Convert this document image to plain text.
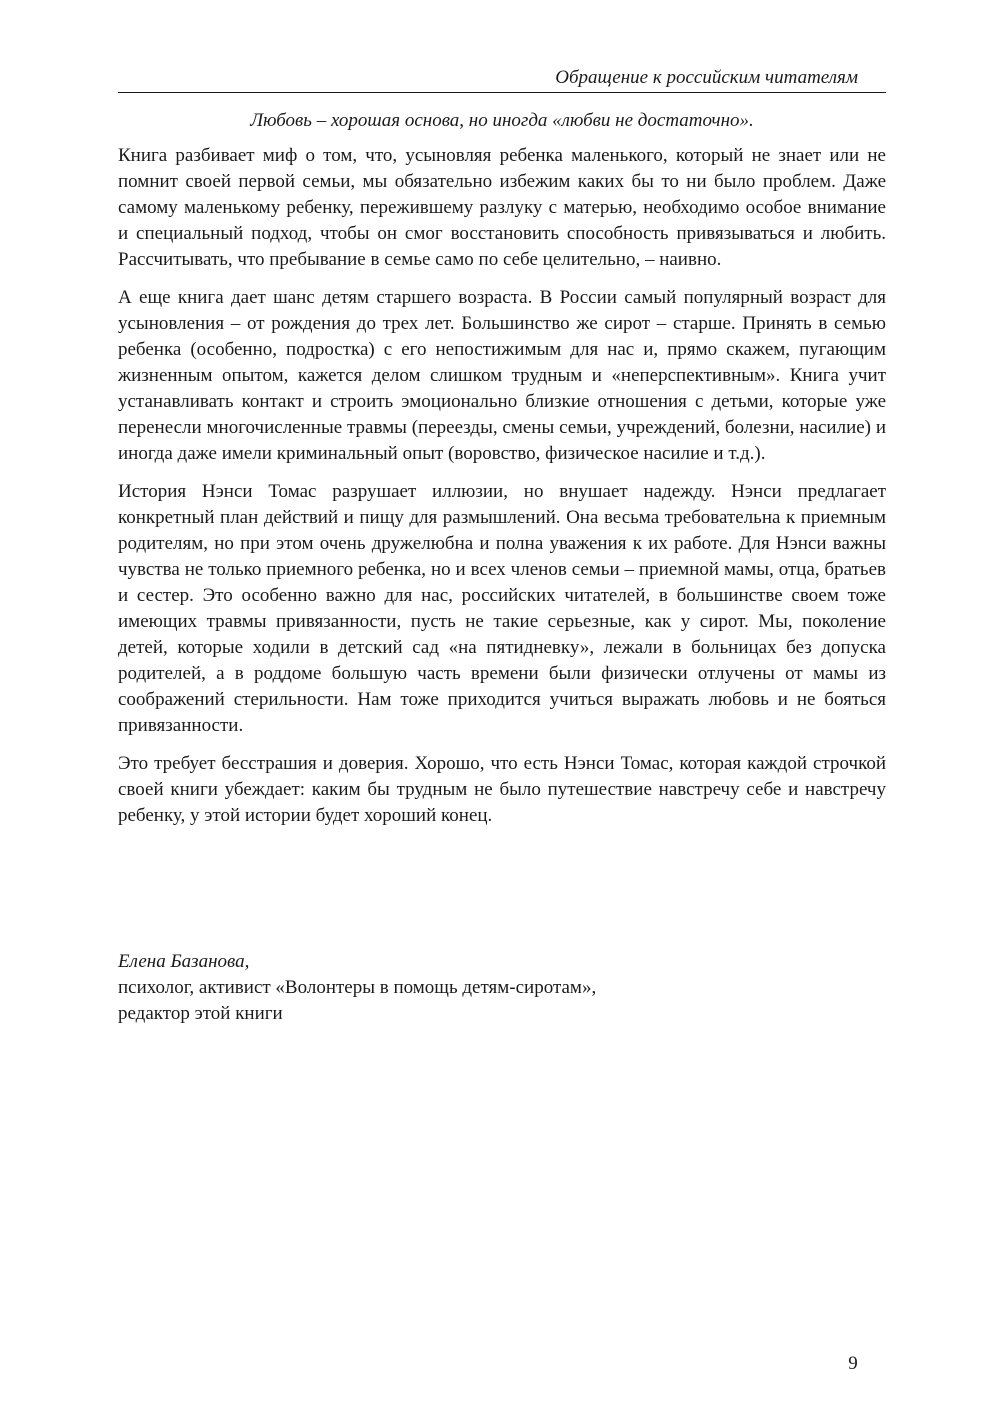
Обращение к российским читателям
Любовь – хорошая основа, но иногда «любви не достаточно».

Книга разбивает миф о том, что, усыновляя ребенка маленького, который не знает или не помнит своей первой семьи, мы обязательно избежим каких бы то ни было проблем. Даже самому маленькому ребенку, пережившему разлуку с матерью, необходимо особое внимание и специальный подход, чтобы он смог восстановить способность привязываться и любить. Рассчитывать, что пребывание в семье само по себе целительно, – наивно.

А еще книга дает шанс детям старшего возраста. В России самый популярный возраст для усыновления – от рождения до трех лет. Большинство же сирот – старше. Принять в семью ребенка (особенно, подростка) с его непостижимым для нас и, прямо скажем, пугающим жизненным опытом, кажется делом слишком трудным и «неперспективным». Книга учит устанавливать контакт и строить эмоционально близкие отношения с детьми, которые уже перенесли многочисленные травмы (переезды, смены семьи, учреждений, болезни, насилие) и иногда даже имели криминальный опыт (воровство, физическое насилие и т.д.).

История Нэнси Томас разрушает иллюзии, но внушает надежду. Нэнси предлагает конкретный план действий и пищу для размышлений. Она весьма требовательна к приемным родителям, но при этом очень дружелюбна и полна уважения к их работе. Для Нэнси важны чувства не только приемного ребенка, но и всех членов семьи – приемной мамы, отца, братьев и сестер. Это особенно важно для нас, российских читателей, в большинстве своем тоже имеющих травмы привязанности, пусть не такие серьезные, как у сирот. Мы, поколение детей, которые ходили в детский сад «на пятидневку», лежали в больницах без допуска родителей, а в роддоме большую часть времени были физически отлучены от мамы из соображений стерильности. Нам тоже приходится учиться выражать любовь и не бояться привязанности.

Это требует бесстрашия и доверия. Хорошо, что есть Нэнси Томас, которая каждой строчкой своей книги убеждает: каким бы трудным не было путешествие навстречу себе и навстречу ребенку, у этой истории будет хороший конец.

Елена Базанова,
психолог, активист «Волонтеры в помощь детям-сиротам»,
редактор этой книги
9
